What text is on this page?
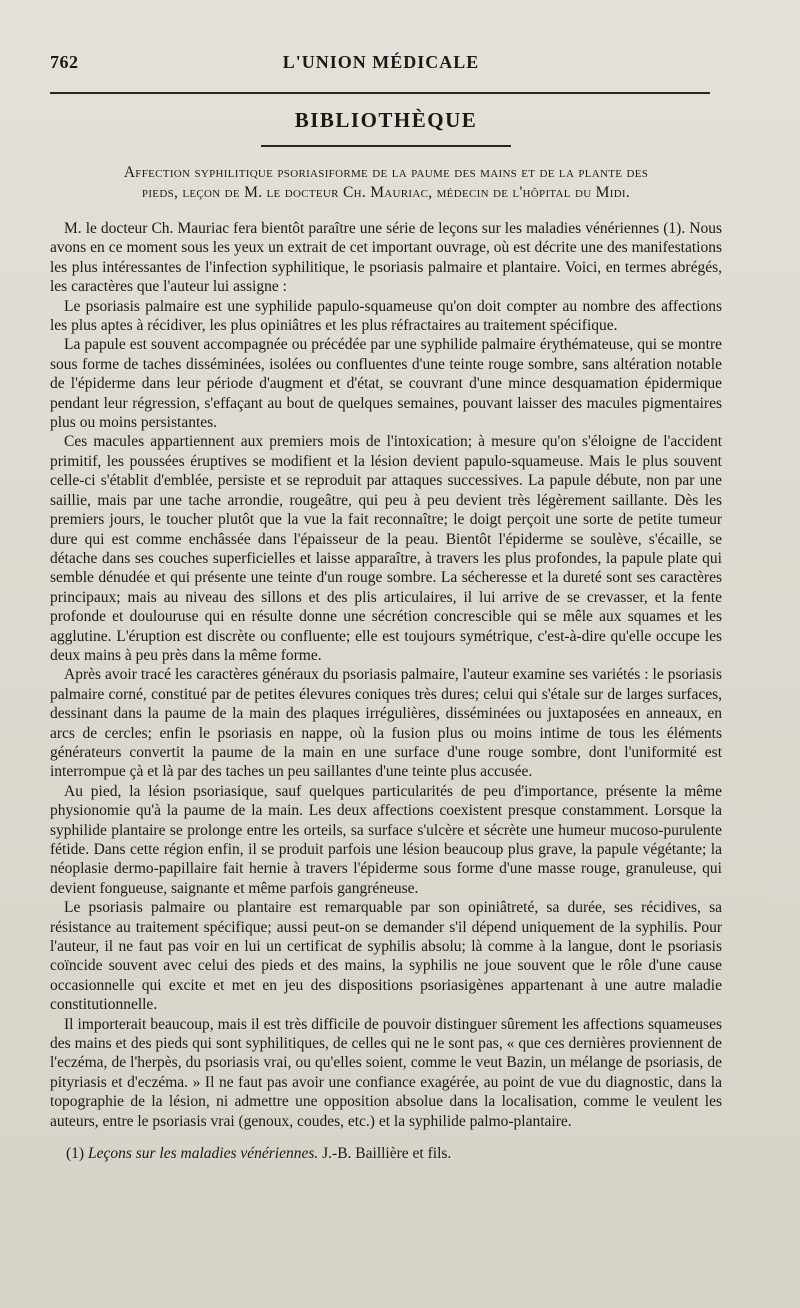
762	L'UNION MÉDICALE
BIBLIOTHÈQUE
Affection syphilitique psoriasiforme de la paume des mains et de la plante des
pieds, leçon de M. le docteur Ch. Mauriac, médecin de l'hôpital du Midi.

M. le docteur Ch. Mauriac fera bientôt paraître une série de leçons sur les maladies vénériennes (1). Nous avons en ce moment sous les yeux un extrait de cet important ouvrage, où est décrite une des manifestations les plus intéressantes de l'infection syphilitique, le psoriasis palmaire et plantaire. Voici, en termes abrégés, les caractères que l'auteur lui assigne :

Le psoriasis palmaire est une syphilide papulo-squameuse qu'on doit compter au nombre des affections les plus aptes à récidiver, les plus opiniâtres et les plus réfractaires au traitement spécifique.

La papule est souvent accompagnée ou précédée par une syphilide palmaire érythémateuse, qui se montre sous forme de taches disséminées, isolées ou confluentes d'une teinte rouge sombre, sans altération notable de l'épiderme dans leur période d'augment et d'état, se couvrant d'une mince desquamation épidermique pendant leur régression, s'effaçant au bout de quelques semaines, pouvant laisser des macules pigmentaires plus ou moins persistantes.

Ces macules appartiennent aux premiers mois de l'intoxication; à mesure qu'on s'éloigne de l'accident primitif, les poussées éruptives se modifient et la lésion devient papulo-squameuse. Mais le plus souvent celle-ci s'établit d'emblée, persiste et se reproduit par attaques successives. La papule débute, non par une saillie, mais par une tache arrondie, rougeâtre, qui peu à peu devient très légèrement saillante. Dès les premiers jours, le toucher plutôt que la vue la fait reconnaître; le doigt perçoit une sorte de petite tumeur dure qui est comme enchâssée dans l'épaisseur de la peau. Bientôt l'épiderme se soulève, s'écaille, se détache dans ses couches superficielles et laisse apparaître, à travers les plus profondes, la papule plate qui semble dénudée et qui présente une teinte d'un rouge sombre. La sécheresse et la dureté sont ses caractères principaux; mais au niveau des sillons et des plis articulaires, il lui arrive de se crevasser, et la fente profonde et doulouruse qui en résulte donne une sécrétion concrescible qui se mêle aux squames et les agglutine. L'éruption est discrète ou confluente; elle est toujours symétrique, c'est-à-dire qu'elle occupe les deux mains à peu près dans la même forme.

Après avoir tracé les caractères généraux du psoriasis palmaire, l'auteur examine ses variétés : le psoriasis palmaire corné, constitué par de petites élevures coniques très dures; celui qui s'étale sur de larges surfaces, dessinant dans la paume de la main des plaques irrégulières, disséminées ou juxtaposées en anneaux, en arcs de cercles; enfin le psoriasis en nappe, où la fusion plus ou moins intime de tous les éléments générateurs convertit la paume de la main en une surface d'une rouge sombre, dont l'uniformité est interrompue çà et là par des taches un peu saillantes d'une teinte plus accusée.

Au pied, la lésion psoriasique, sauf quelques particularités de peu d'importance, présente la même physionomie qu'à la paume de la main. Les deux affections coexistent presque constamment. Lorsque la syphilide plantaire se prolonge entre les orteils, sa surface s'ulcère et sécrète une humeur mucoso-purulente fétide. Dans cette région enfin, il se produit parfois une lésion beaucoup plus grave, la papule végétante; la néoplasie dermo-papillaire fait hernie à travers l'épiderme sous forme d'une masse rouge, granuleuse, qui devient fongueuse, saignante et même parfois gangréneuse.

Le psoriasis palmaire ou plantaire est remarquable par son opiniâtreté, sa durée, ses récidives, sa résistance au traitement spécifique; aussi peut-on se demander s'il dépend uniquement de la syphilis. Pour l'auteur, il ne faut pas voir en lui un certificat de syphilis absolu; là comme à la langue, dont le psoriasis coïncide souvent avec celui des pieds et des mains, la syphilis ne joue souvent que le rôle d'une cause occasionnelle qui excite et met en jeu des dispositions psoriasigènes appartenant à une autre maladie constitutionnelle.

Il importerait beaucoup, mais il est très difficile de pouvoir distinguer sûrement les affections squameuses des mains et des pieds qui sont syphilitiques, de celles qui ne le sont pas, « que ces dernières proviennent de l'eczéma, de l'herpès, du psoriasis vrai, ou qu'elles soient, comme le veut Bazin, un mélange de psoriasis, de pityriasis et d'eczéma. » Il ne faut pas avoir une confiance exagérée, au point de vue du diagnostic, dans la topographie de la lésion, ni admettre une opposition absolue dans la localisation, comme le veulent les auteurs, entre le psoriasis vrai (genoux, coudes, etc.) et la syphilide palmo-plantaire.

(1) Leçons sur les maladies vénériennes. J.-B. Baillière et fils.
